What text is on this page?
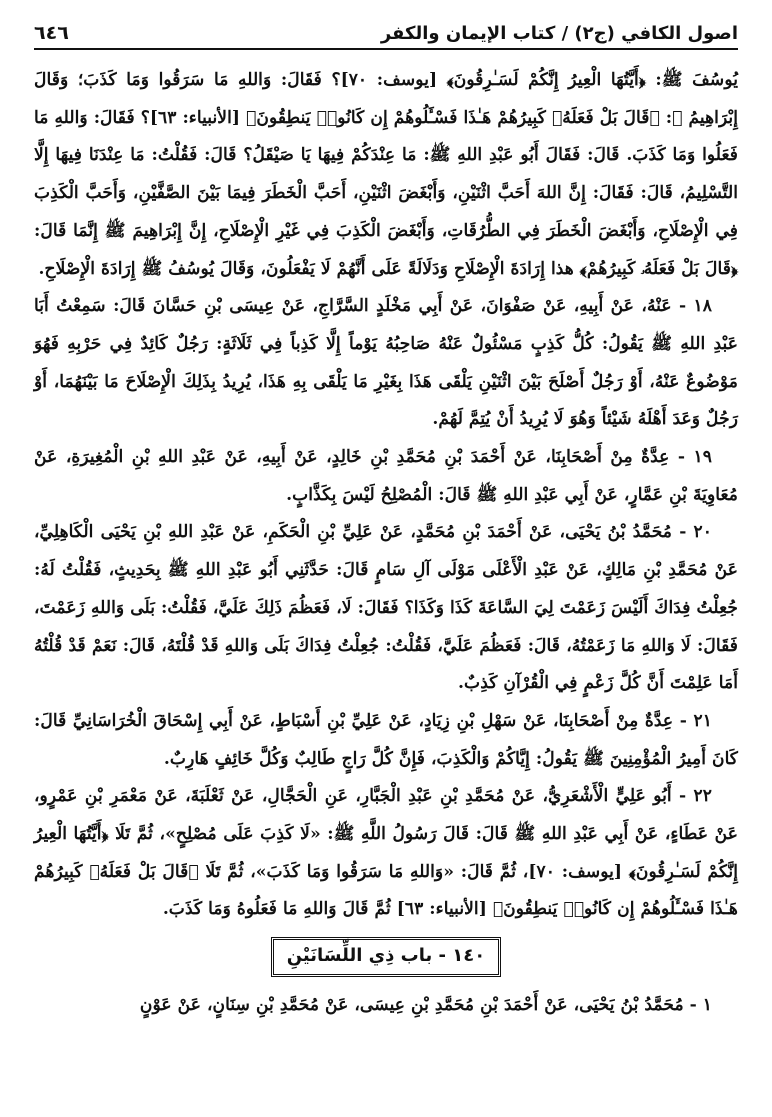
اصول الكافي (ج٢) / كتاب الإيمان والكفر
٦٤٦

يُوسُفَ ﷺ: ﴿أَيَّتُهَا الْعِيرُ إِنَّكُمْ لَسَـٰرِقُونَ﴾ [يوسف: ٧٠]؟ فَقَالَ: وَاللهِ مَا سَرَقُوا وَمَا كَذَبَ؛ وَقَالَ إِبْرَاهِيمُ ﷺ: ﴿قَالَ بَلْ فَعَلَهُۥ كَبِيرُهُمْ هَـٰذَا فَسْـَٔلُوهُمْ إِن كَانُوا۟ يَنطِقُونَ﴾ [الأنبياء: ٦٣]؟ فَقَالَ: وَاللهِ مَا فَعَلُوا وَمَا كَذَبَ. قَالَ: فَقَالَ أَبُو عَبْدِ اللهِ ﷺ: مَا عِنْدَكُمْ فِيهَا يَا صَيْقَلُ؟ قَالَ: فَقُلْتُ: مَا عِنْدَنَا فِيهَا إِلَّا التَّسْلِيمُ، قَالَ: فَقَالَ: إِنَّ اللهَ أَحَبَّ اثْنَيْنِ، وَأَبْغَضَ اثْنَيْنِ، أَحَبَّ الْخَطَرَ فِيمَا بَيْنَ الصَّفَّيْنِ، وَأَحَبَّ الْكَذِبَ فِي الْإِصْلَاحِ، وَأَبْغَضَ الْخَطَرَ فِي الطُّرُقَاتِ، وَأَبْغَضَ الْكَذِبَ فِي غَيْرِ الْإِصْلَاحِ، إِنَّ إِبْرَاهِيمَ ﷺ إِنَّمَا قَالَ: ﴿قَالَ بَلْ فَعَلَهُۥ كَبِيرُهُمْ﴾ هذا إِرَادَةَ الْإِصْلَاحِ وَدَلَالَةً عَلَى أَنَّهُمْ لَا يَفْعَلُونَ، وَقَالَ يُوسُفُ ﷺ إِرَادَةَ الْإِصْلَاحِ.

١٨ - عَنْهُ، عَنْ أَبِيهِ، عَنْ صَفْوَانَ، عَنْ أَبِي مَخْلَدٍ السَّرَّاجِ، عَنْ عِيسَى بْنِ حَسَّانَ قَالَ: سَمِعْتُ أَبَا عَبْدِ اللهِ ﷺ يَقُولُ: كُلُّ كَذِبٍ مَسْئُولٌ عَنْهُ صَاحِبُهُ يَوْماً إِلَّا كَذِباً فِي ثَلَاثَةٍ: رَجُلٌ كَائِدٌ فِي حَرْبِهِ فَهُوَ مَوْضُوعٌ عَنْهُ، أَوْ رَجُلٌ أَصْلَحَ بَيْنَ اثْنَيْنِ يَلْقَى هَذَا بِغَيْرِ مَا يَلْقَى بِهِ هَذَا، يُرِيدُ بِذَلِكَ الْإِصْلَاحَ مَا بَيْنَهُمَا، أَوْ رَجُلٌ وَعَدَ أَهْلَهُ شَيْئاً وَهُوَ لَا يُرِيدُ أَنْ يُتِمَّ لَهُمْ.

١٩ - عِدَّةٌ مِنْ أَصْحَابِنَا، عَنْ أَحْمَدَ بْنِ مُحَمَّدِ بْنِ خَالِدٍ، عَنْ أَبِيهِ، عَنْ عَبْدِ اللهِ بْنِ الْمُغِيرَةِ، عَنْ مُعَاوِيَةَ بْنِ عَمَّارٍ، عَنْ أَبِي عَبْدِ اللهِ ﷺ قَالَ: الْمُصْلِحُ لَيْسَ بِكَذَّابٍ.

٢٠ - مُحَمَّدُ بْنُ يَحْيَى، عَنْ أَحْمَدَ بْنِ مُحَمَّدٍ، عَنْ عَلِيِّ بْنِ الْحَكَمِ، عَنْ عَبْدِ اللهِ بْنِ يَحْيَى الْكَاهِلِيِّ، عَنْ مُحَمَّدِ بْنِ مَالِكٍ، عَنْ عَبْدِ الْأَعْلَى مَوْلَى آلِ سَامٍ قَالَ: حَدَّثَنِي أَبُو عَبْدِ اللهِ ﷺ بِحَدِيثٍ، فَقُلْتُ لَهُ: جُعِلْتُ فِدَاكَ أَلَيْسَ زَعَمْتَ لِيَ السَّاعَةَ كَذَا وَكَذَا؟ فَقَالَ: لَا، فَعَظُمَ ذَلِكَ عَلَيَّ، فَقُلْتُ: بَلَى وَاللهِ زَعَمْتَ، فَقَالَ: لَا وَاللهِ مَا زَعَمْتُهُ، قَالَ: فَعَظُمَ عَلَيَّ، فَقُلْتُ: جُعِلْتُ فِدَاكَ بَلَى وَاللهِ قَدْ قُلْتَهُ، قَالَ: نَعَمْ قَدْ قُلْتُهُ أَمَا عَلِمْتَ أَنَّ كُلَّ زَعْمٍ فِي الْقُرْآنِ كَذِبٌ.

٢١ - عِدَّةٌ مِنْ أَصْحَابِنَا، عَنْ سَهْلِ بْنِ زِيَادٍ، عَنْ عَلِيِّ بْنِ أَسْبَاطٍ، عَنْ أَبِي إِسْحَاقَ الْخُرَاسَانِيِّ قَالَ: كَانَ أَمِيرُ الْمُؤْمِنِينَ ﷺ يَقُولُ: إِيَّاكُمْ وَالْكَذِبَ، فَإِنَّ كُلَّ رَاجٍ طَالِبٌ وَكُلَّ خَائِفٍ هَارِبٌ.

٢٢ - أَبُو عَلِيٍّ الْأَشْعَرِيُّ، عَنْ مُحَمَّدِ بْنِ عَبْدِ الْجَبَّارِ، عَنِ الْحَجَّالِ، عَنْ ثَعْلَبَةَ، عَنْ مَعْمَرِ بْنِ عَمْرٍو، عَنْ عَطَاءٍ، عَنْ أَبِي عَبْدِ اللهِ ﷺ قَالَ: قَالَ رَسُولُ اللَّهِ ﷺ: «لَا كَذِبَ عَلَى مُصْلِحٍ»، ثُمَّ تَلَا ﴿أَيَّتُهَا الْعِيرُ إِنَّكُمْ لَسَـٰرِقُونَ﴾ [يوسف: ٧٠]، ثُمَّ قَالَ: «وَاللهِ مَا سَرَقُوا وَمَا كَذَبَ»، ثُمَّ تَلَا ﴿قَالَ بَلْ فَعَلَهُۥ كَبِيرُهُمْ هَـٰذَا فَسْـَٔلُوهُمْ إِن كَانُوا۟ يَنطِقُونَ﴾ [الأنبياء: ٦٣] ثُمَّ قَالَ وَاللهِ مَا فَعَلُوهُ وَمَا كَذَبَ.

١٤٠ - باب ذِي اللِّسَانَيْنِ

١ - مُحَمَّدُ بْنُ يَحْيَى، عَنْ أَحْمَدَ بْنِ مُحَمَّدِ بْنِ عِيسَى، عَنْ مُحَمَّدِ بْنِ سِنَانٍ، عَنْ عَوْنٍ
